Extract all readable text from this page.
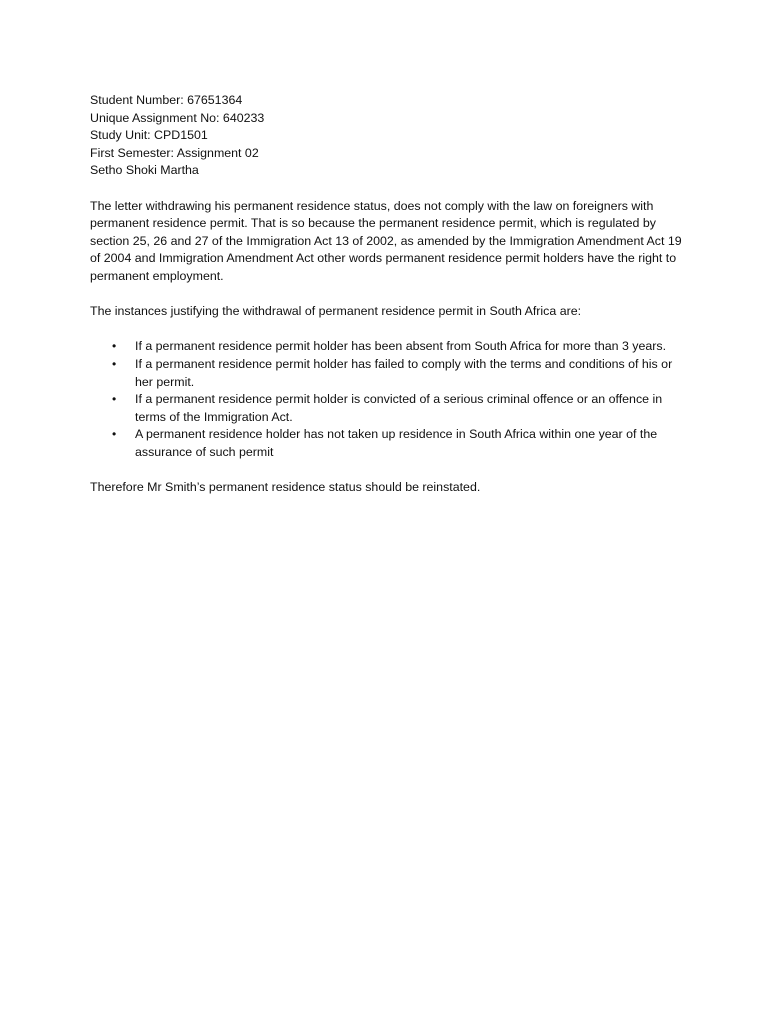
Student Number: 67651364

Unique Assignment No: 640233

Study Unit: CPD1501

First Semester: Assignment 02

Setho Shoki Martha

The letter withdrawing his permanent residence status, does not comply with the law on foreigners with permanent residence permit. That is so because the permanent residence permit, which is regulated by section 25, 26 and 27 of the Immigration Act 13 of 2002, as amended by the Immigration Amendment Act 19 of 2004 and Immigration Amendment Act other words permanent residence permit holders have the right to permanent employment.

The instances justifying the withdrawal of permanent residence permit in South Africa are:

• If a permanent residence permit holder has been absent from South Africa for more than 3 years.
• If a permanent residence permit holder has failed to comply with the terms and conditions of his or her permit.
• If a permanent residence permit holder is convicted of a serious criminal offence or an offence in terms of the Immigration Act.
• A permanent residence holder has not taken up residence in South Africa within one year of the assurance of such permit

Therefore Mr Smith’s permanent residence status should be reinstated.
